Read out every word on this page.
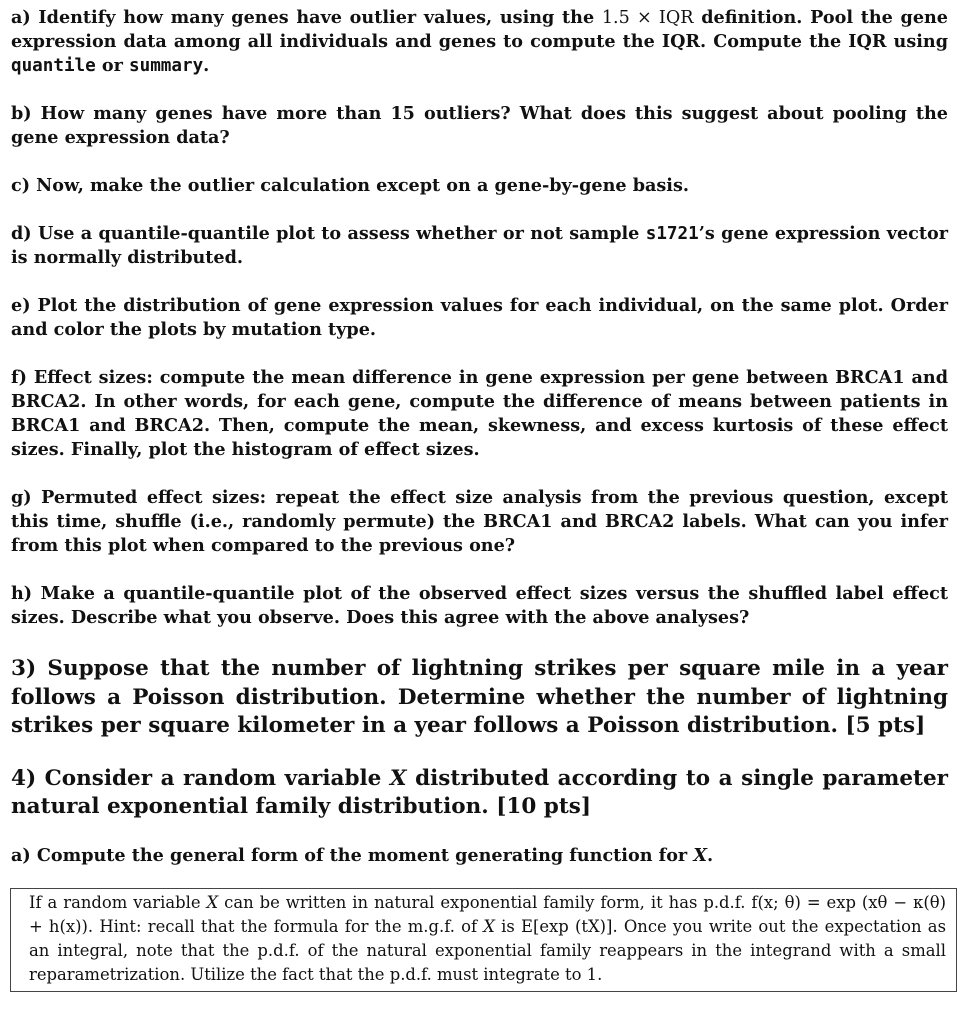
a) Identify how many genes have outlier values, using the 1.5 × IQR definition. Pool the gene expression data among all individuals and genes to compute the IQR. Compute the IQR using quantile or summary.

b) How many genes have more than 15 outliers? What does this suggest about pooling the gene expression data?

c) Now, make the outlier calculation except on a gene-by-gene basis.

d) Use a quantile-quantile plot to assess whether or not sample s1721’s gene expression vector is normally distributed.

e) Plot the distribution of gene expression values for each individual, on the same plot. Order and color the plots by mutation type.

f) Effect sizes: compute the mean difference in gene expression per gene between BRCA1 and BRCA2. In other words, for each gene, compute the difference of means between patients in BRCA1 and BRCA2. Then, compute the mean, skewness, and excess kurtosis of these effect sizes. Finally, plot the histogram of effect sizes.

g) Permuted effect sizes: repeat the effect size analysis from the previous question, except this time, shuffle (i.e., randomly permute) the BRCA1 and BRCA2 labels. What can you infer from this plot when compared to the previous one?

h) Make a quantile-quantile plot of the observed effect sizes versus the shuffled label effect sizes. Describe what you observe. Does this agree with the above analyses?

3) Suppose that the number of lightning strikes per square mile in a year follows a Poisson distribution. Determine whether the number of lightning strikes per square kilometer in a year follows a Poisson distribution. [5 pts]

4) Consider a random variable X distributed according to a single parameter natural exponential family distribution. [10 pts]

a) Compute the general form of the moment generating function for X.

If a random variable X can be written in natural exponential family form, it has p.d.f. f(x; θ) = exp (xθ − κ(θ) + h(x)). Hint: recall that the formula for the m.g.f. of X is E[exp (tX)]. Once you write out the expectation as an integral, note that the p.d.f. of the natural exponential family reappears in the integrand with a small reparametrization. Utilize the fact that the p.d.f. must integrate to 1.
